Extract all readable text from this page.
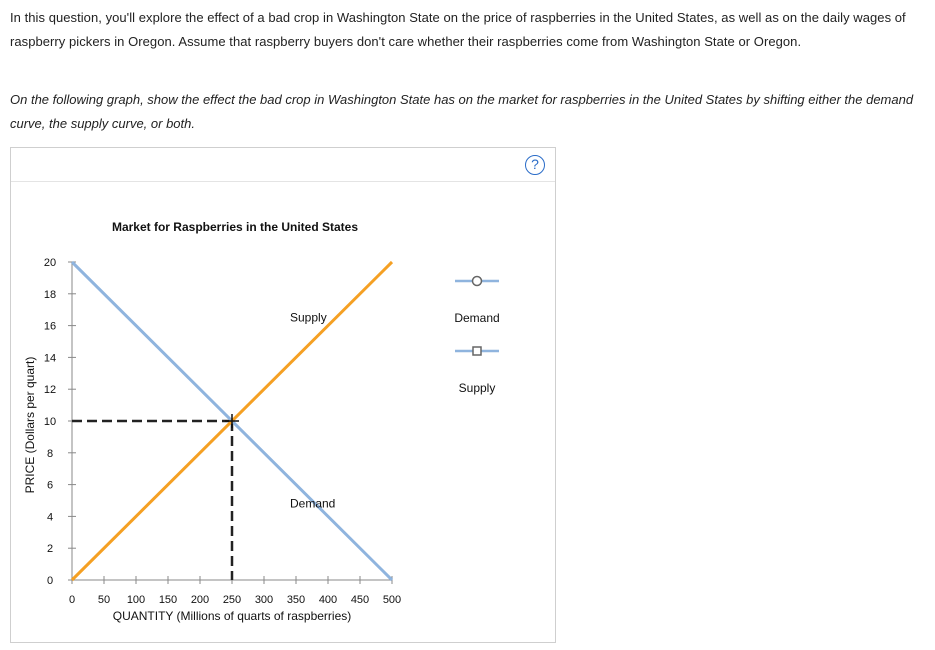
In this question, you'll explore the effect of a bad crop in Washington State on the price of raspberries in the United States, as well as on the daily wages of raspberry pickers in Oregon. Assume that raspberry buyers don't care whether their raspberries come from Washington State or Oregon.
On the following graph, show the effect the bad crop in Washington State has on the market for raspberries in the United States by shifting either the demand curve, the supply curve, or both.
?
0 50 100 150 200 250 300 350 400 450 500
0
2
4
6
8
10
12
14
16
18
20
Supply
Demand
Market for Raspberries in the United States
QUANTITY (Millions of quarts of raspberries)
PRICE (Dollars per quart)
Demand
Supply
